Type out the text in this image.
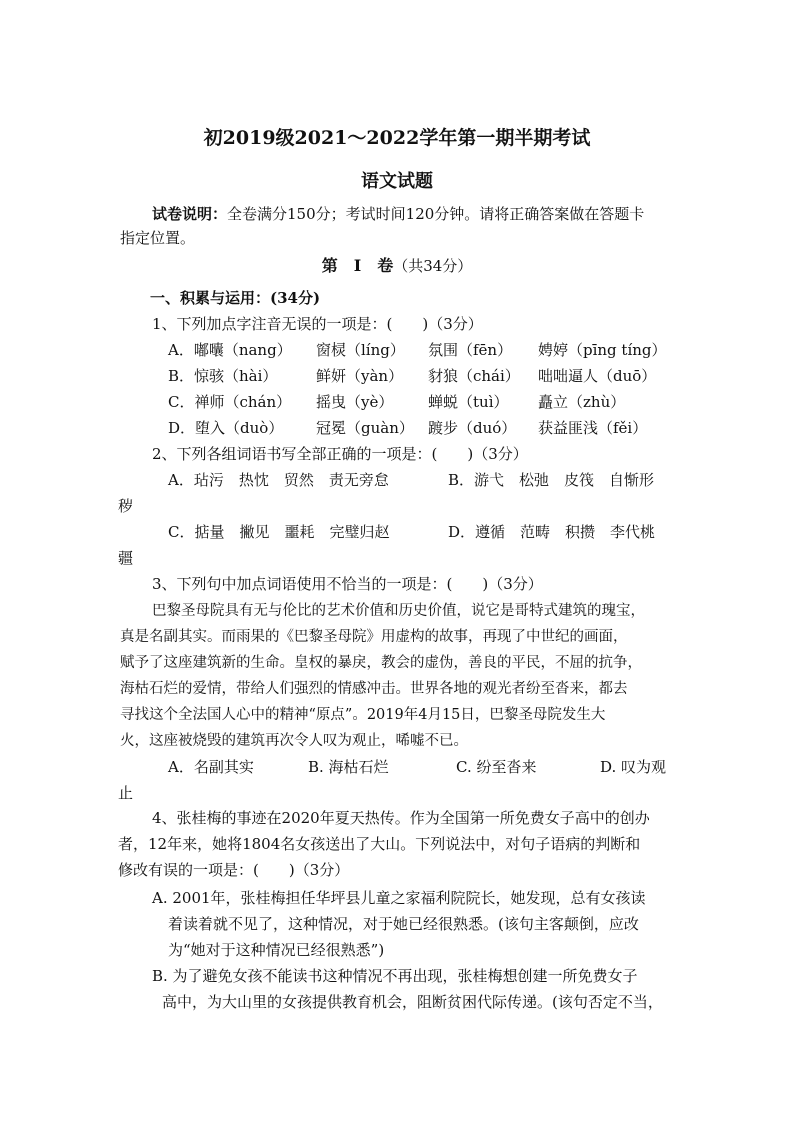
初2019级2021～2022学年第一期半期考试
语文试题
试卷说明：全卷满分150分；考试时间120分钟。请将正确答案做在答题卡
指定位置。
第　Ⅰ　卷（共34分）
一、积累与运用：(34分)
1、下列加点字注音无误的一项是：(　　)（3分）
A．嘟囔（nang） 窗棂（líng） 氛围（fēn） 娉婷（pīng tíng）
B．惊骇（hài）	鲜妍（yàn） 豺狼（chái） 咄咄逼人（duō）
C．禅师（chán） 摇曳（yè） 蝉蜕（tuì） 矗立（zhù）
D．堕入（duò） 冠冕（guàn） 踱步（duó） 获益匪浅（fěi）
2、下列各组词语书写全部正确的一项是：(　　)（3分）
A．玷污　热忱　贸然　责无旁怠	B．游弋　松弛　皮筏　自惭形
秽
C．掂量　撇见　噩耗　完璧归赵	D．遵循　范畴　积攒　李代桃
疆
3、下列句中加点词语使用不恰当的一项是：(　　)（3分）
巴黎圣母院具有无与伦比的艺术价值和历史价值，说它是哥特式建筑的瑰宝，
真是名副其实。而雨果的《巴黎圣母院》用虚构的故事，再现了中世纪的画面，
赋予了这座建筑新的生命。皇权的暴戾，教会的虚伪，善良的平民，不屈的抗争，
海枯石烂的爱情，带给人们强烈的情感冲击。世界各地的观光者纷至沓来，都去
寻找这个全法国人心中的精神“原点”。2019年4月15日，巴黎圣母院发生大
火，这座被烧毁的建筑再次令人叹为观止，唏嘘不已。
A．名副其实	B. 海枯石烂	C. 纷至沓来	D. 叹为观
止
4、张桂梅的事迹在2020年夏天热传。作为全国第一所免费女子高中的创办
者，12年来，她将1804名女孩送出了大山。下列说法中，对句子语病的判断和
修改有误的一项是：(　　)（3分）
A. 2001年，张桂梅担任华坪县儿童之家福利院院长，她发现，总有女孩读
着读着就不见了，这种情况，对于她已经很熟悉。(该句主客颠倒，应改
为“她对于这种情况已经很熟悉”)
B. 为了避免女孩不能读书这种情况不再出现，张桂梅想创建一所免费女子
高中，为大山里的女孩提供教育机会，阻断贫困代际传递。(该句否定不当，
